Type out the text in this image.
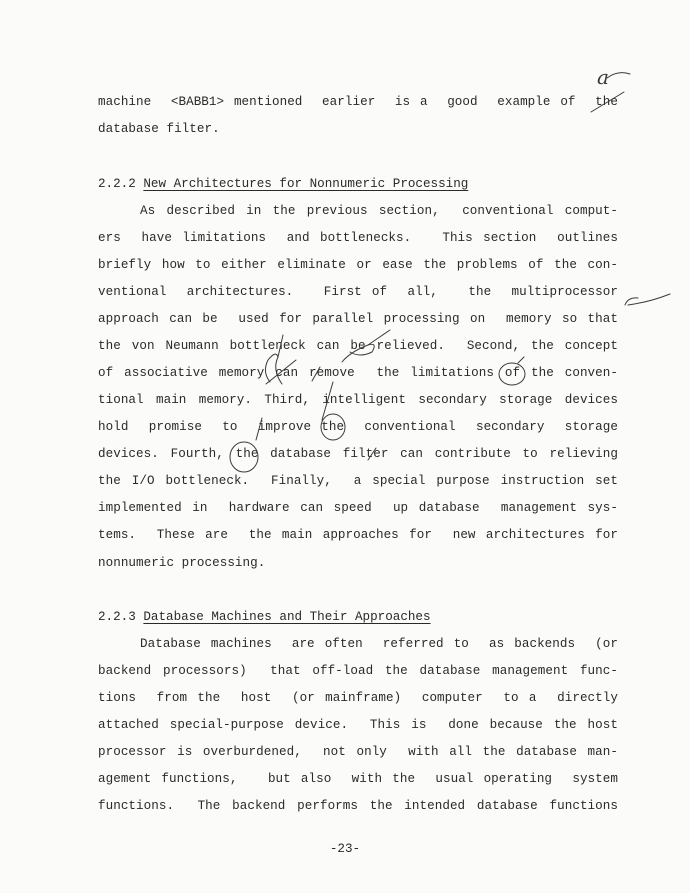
machine  <BABB1> mentioned  earlier  is a  good  example of  the
database filter.
2.2.2 New Architectures for Nonnumeric Processing
As described in the previous section,  conventional comput-
ers  have limitations  and bottlenecks.   This section  outlines
briefly how to either eliminate or ease the problems of the con-
ventional  architectures.   First of  all,   the  multiprocessor
approach can be  used for parallel processing on  memory so that
the von Neumann bottleneck can be relieved.  Second, the concept
of associative memory can remove  the limitations of the conven-
tional main memory. Third, intelligent secondary storage devices
hold  promise  to  improve the  conventional  secondary  storage
devices. Fourth, the database filter can contribute to relieving
the I/O bottleneck.  Finally,  a special purpose instruction set
implemented in  hardware can speed  up database  management sys-
tems.  These are  the main approaches for  new architectures for
nonnumeric processing.
2.2.3 Database Machines and Their Approaches
Database machines  are often  referred to  as backends  (or
backend processors)  that off-load the database management func-
tions  from the  host  (or mainframe)  computer  to a  directly
attached special-purpose device.  This is  done because the host
processor is overburdened,  not only  with all the database man-
agement functions,   but also  with the  usual operating  system
functions.  The backend performs the intended database functions
-23-
a
